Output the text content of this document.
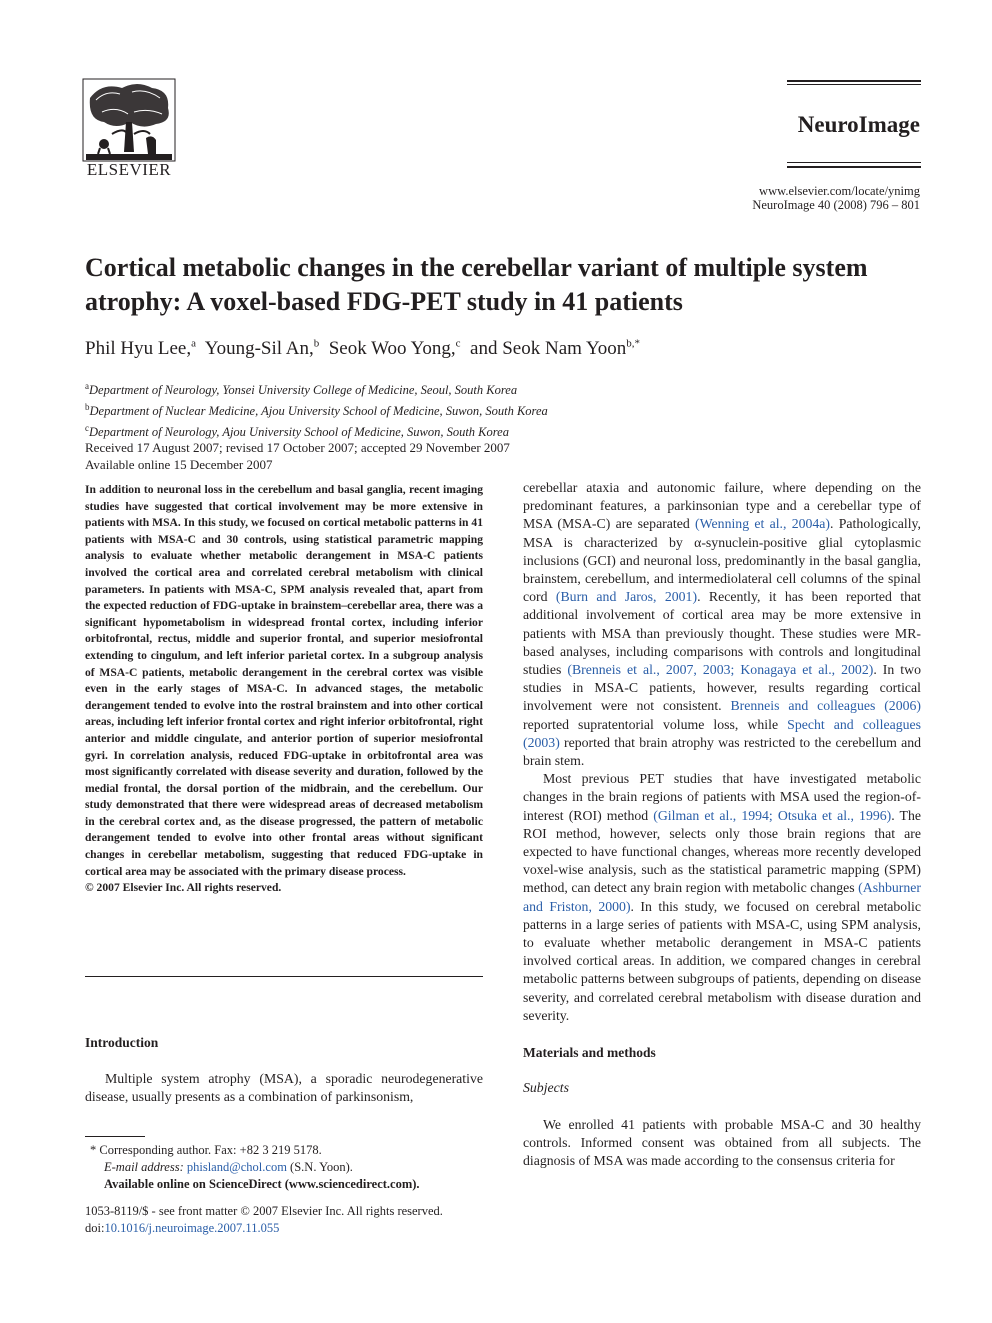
ELSEVIER
NeuroImage
www.elsevier.com/locate/ynimg
NeuroImage 40 (2008) 796 – 801
Cortical metabolic changes in the cerebellar variant of multiple system atrophy: A voxel-based FDG-PET study in 41 patients
Phil Hyu Lee,$^a$ Young-Sil An,$^b$ Seok Woo Yong,$^c$ and Seok Nam Yoon$^{b,*}$
$^a$Department of Neurology, Yonsei University College of Medicine, Seoul, South Korea
$^b$Department of Nuclear Medicine, Ajou University School of Medicine, Suwon, South Korea
$^c$Department of Neurology, Ajou University School of Medicine, Suwon, South Korea
Received 17 August 2007; revised 17 October 2007; accepted 29 November 2007
Available online 15 December 2007

In addition to neuronal loss in the cerebellum and basal ganglia, recent imaging studies have suggested that cortical involvement may be more extensive in patients with MSA. In this study, we focused on cortical metabolic patterns in 41 patients with MSA-C and 30 controls, using statistical parametric mapping analysis to evaluate whether metabolic derangement in MSA-C patients involved the cortical area and correlated cerebral metabolism with clinical parameters. In patients with MSA-C, SPM analysis revealed that, apart from the expected reduction of FDG-uptake in brainstem–cerebellar area, there was a significant hypometabolism in widespread frontal cortex, including inferior orbitofrontal, rectus, middle and superior frontal, and superior mesiofrontal extending to cingulum, and left inferior parietal cortex. In a subgroup analysis of MSA-C patients, metabolic derangement in the cerebral cortex was visible even in the early stages of MSA-C. In advanced stages, the metabolic derangement tended to evolve into the rostral brainstem and into other cortical areas, including left inferior frontal cortex and right inferior orbitofrontal, right anterior and middle cingulate, and anterior portion of superior mesiofrontal gyri. In correlation analysis, reduced FDG-uptake in orbitofrontal area was most significantly correlated with disease severity and duration, followed by the medial frontal, the dorsal portion of the midbrain, and the cerebellum. Our study demonstrated that there were widespread areas of decreased metabolism in the cerebral cortex and, as the disease progressed, the pattern of metabolic derangement tended to evolve into other frontal areas without significant changes in cerebellar metabolism, suggesting that reduced FDG-uptake in cortical area may be associated with the primary disease process.

© 2007 Elsevier Inc. All rights reserved.

Introduction
Multiple system atrophy (MSA), a sporadic neurodegenerative disease, usually presents as a combination of parkinsonism,
* Corresponding author. Fax: +82 3 219 5178.
E-mail address: phisland@chol.com (S.N. Yoon).
Available online on ScienceDirect (www.sciencedirect.com).
1053-8119/$ - see front matter © 2007 Elsevier Inc. All rights reserved.
doi:10.1016/j.neuroimage.2007.11.055

cerebellar ataxia and autonomic failure, where depending on the predominant features, a parkinsonian type and a cerebellar type of MSA (MSA-C) are separated (Wenning et al., 2004a). Pathologically, MSA is characterized by α-synuclein-positive glial cytoplasmic inclusions (GCI) and neuronal loss, predominantly in the basal ganglia, brainstem, cerebellum, and intermediolateral cell columns of the spinal cord (Burn and Jaros, 2001). Recently, it has been reported that additional involvement of cortical area may be more extensive in patients with MSA than previously thought. These studies were MR-based analyses, including comparisons with controls and longitudinal studies (Brenneis et al., 2007, 2003; Konagaya et al., 2002). In two studies in MSA-C patients, however, results regarding cortical involvement were not consistent. Brenneis and colleagues (2006) reported supratentorial volume loss, while Specht and colleagues (2003) reported that brain atrophy was restricted to the cerebellum and brain stem.

Most previous PET studies that have investigated metabolic changes in the brain regions of patients with MSA used the region-of-interest (ROI) method (Gilman et al., 1994; Otsuka et al., 1996). The ROI method, however, selects only those brain regions that are expected to have functional changes, whereas more recently developed voxel-wise analysis, such as the statistical parametric mapping (SPM) method, can detect any brain region with metabolic changes (Ashburner and Friston, 2000). In this study, we focused on cerebral metabolic patterns in a large series of patients with MSA-C, using SPM analysis, to evaluate whether metabolic derangement in MSA-C patients involved cortical areas. In addition, we compared changes in cerebral metabolic patterns between subgroups of patients, depending on disease severity, and correlated cerebral metabolism with disease duration and severity.

Materials and methods
Subjects

We enrolled 41 patients with probable MSA-C and 30 healthy controls. Informed consent was obtained from all subjects. The diagnosis of MSA was made according to the consensus criteria for
